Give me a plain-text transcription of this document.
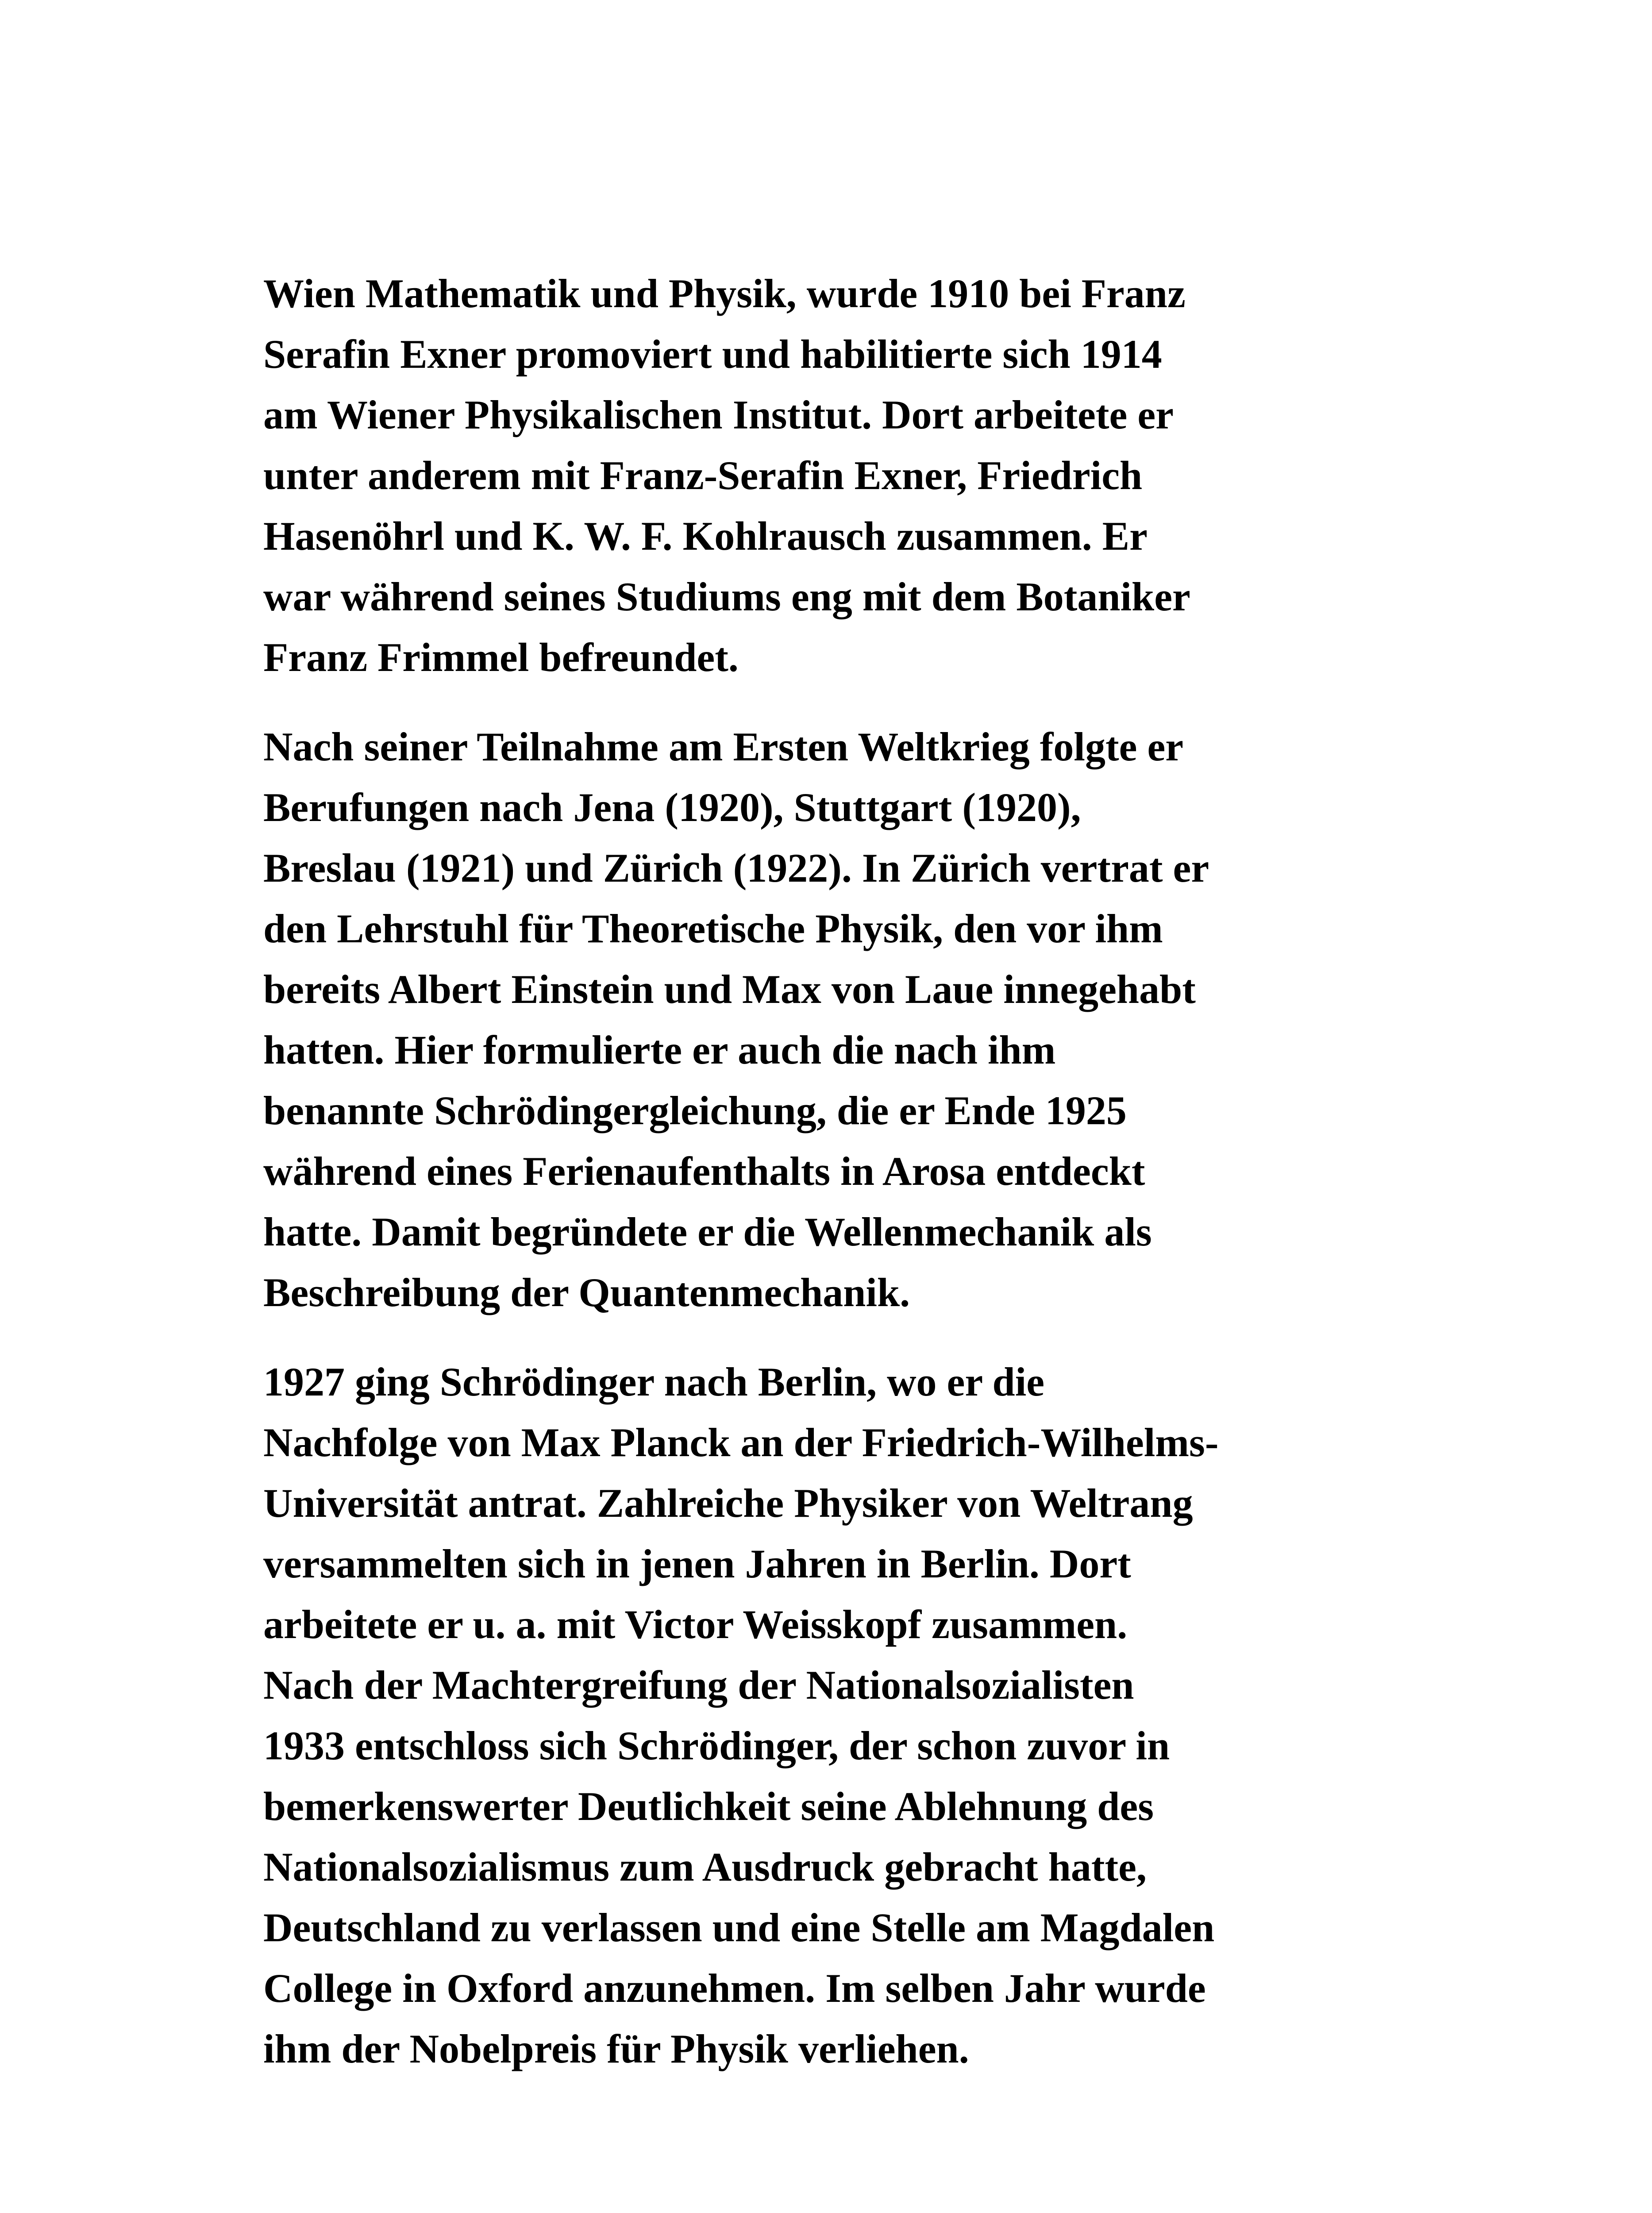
Wien Mathematik und Physik, wurde 1910 bei Franz
Serafin Exner promoviert und habilitierte sich 1914
am Wiener Physikalischen Institut. Dort arbeitete er
unter anderem mit Franz-Serafin Exner, Friedrich
Hasenöhrl und K. W. F. Kohlrausch zusammen. Er
war während seines Studiums eng mit dem Botaniker
Franz Frimmel befreundet.

Nach seiner Teilnahme am Ersten Weltkrieg folgte er
Berufungen nach Jena (1920), Stuttgart (1920),
Breslau (1921) und Zürich (1922). In Zürich vertrat er
den Lehrstuhl für Theoretische Physik, den vor ihm
bereits Albert Einstein und Max von Laue innegehabt
hatten. Hier formulierte er auch die nach ihm
benannte Schrödingergleichung, die er Ende 1925
während eines Ferienaufenthalts in Arosa entdeckt
hatte. Damit begründete er die Wellenmechanik als
Beschreibung der Quantenmechanik.

1927 ging Schrödinger nach Berlin, wo er die
Nachfolge von Max Planck an der Friedrich-Wilhelms-
Universität antrat. Zahlreiche Physiker von Weltrang
versammelten sich in jenen Jahren in Berlin. Dort
arbeitete er u. a. mit Victor Weisskopf zusammen.
Nach der Machtergreifung der Nationalsozialisten
1933 entschloss sich Schrödinger, der schon zuvor in
bemerkenswerter Deutlichkeit seine Ablehnung des
Nationalsozialismus zum Ausdruck gebracht hatte,
Deutschland zu verlassen und eine Stelle am Magdalen
College in Oxford anzunehmen. Im selben Jahr wurde
ihm der Nobelpreis für Physik verliehen.
